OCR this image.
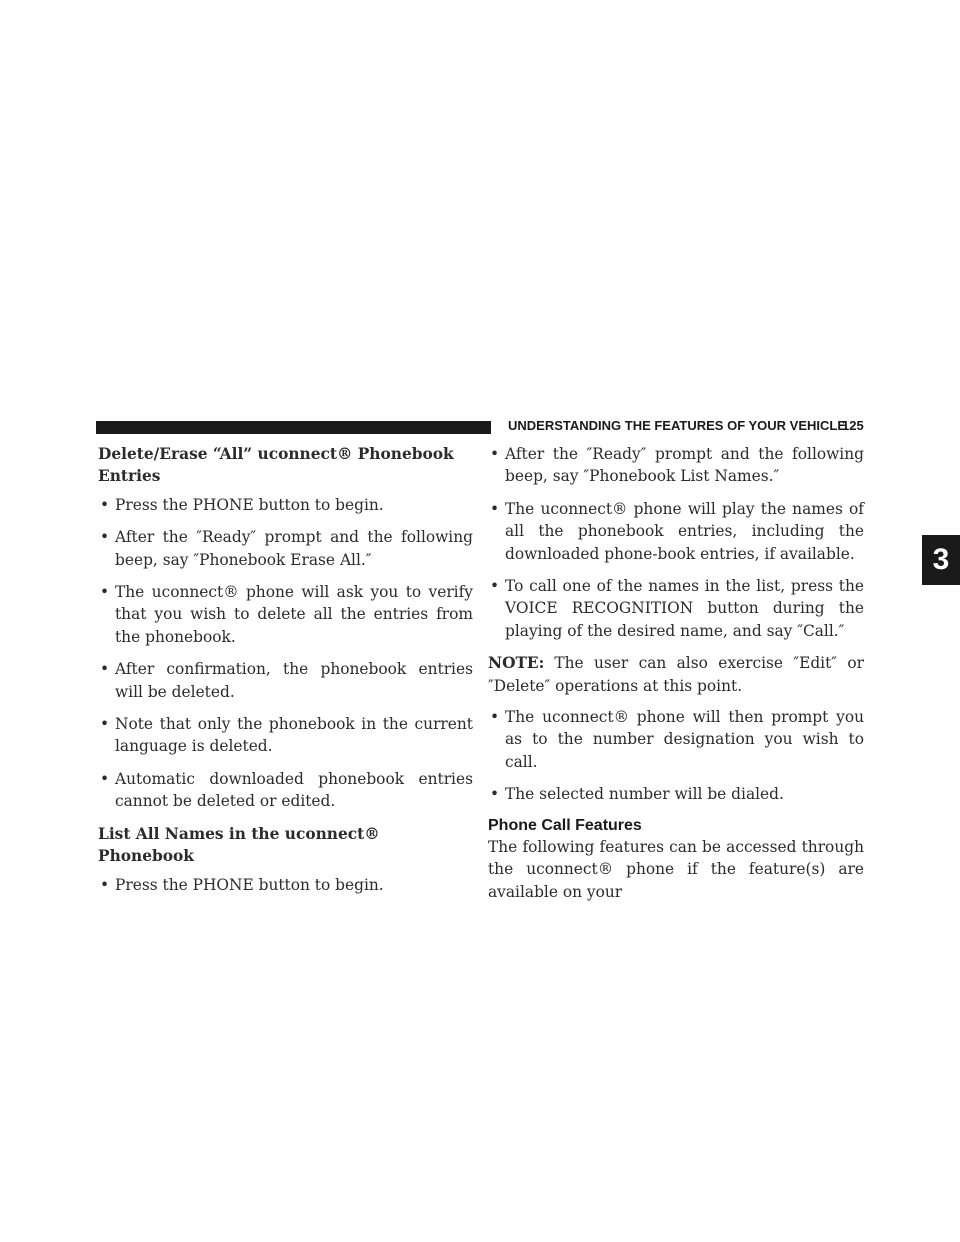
UNDERSTANDING THE FEATURES OF YOUR VEHICLE
125
3
Delete/Erase “All” uconnect® Phonebook Entries
• Press the PHONE button to begin.
• After the ″Ready″ prompt and the following beep, say ″Phonebook Erase All.″
• The uconnect® phone will ask you to verify that you wish to delete all the entries from the phonebook.
• After confirmation, the phonebook entries will be deleted.
• Note that only the phonebook in the current language is deleted.
• Automatic downloaded phonebook entries cannot be deleted or edited.
List All Names in the uconnect® Phonebook
• Press the PHONE button to begin.
• After the ″Ready″ prompt and the following beep, say ″Phonebook List Names.″
• The uconnect® phone will play the names of all the phonebook entries, including the downloaded phone-book entries, if available.
• To call one of the names in the list, press the VOICE RECOGNITION button during the playing of the desired name, and say ″Call.″

NOTE: The user can also exercise ″Edit″ or ″Delete″ operations at this point.

• The uconnect® phone will then prompt you as to the number designation you wish to call.
• The selected number will be dialed.
Phone Call Features

The following features can be accessed through the uconnect® phone if the feature(s) are available on your
